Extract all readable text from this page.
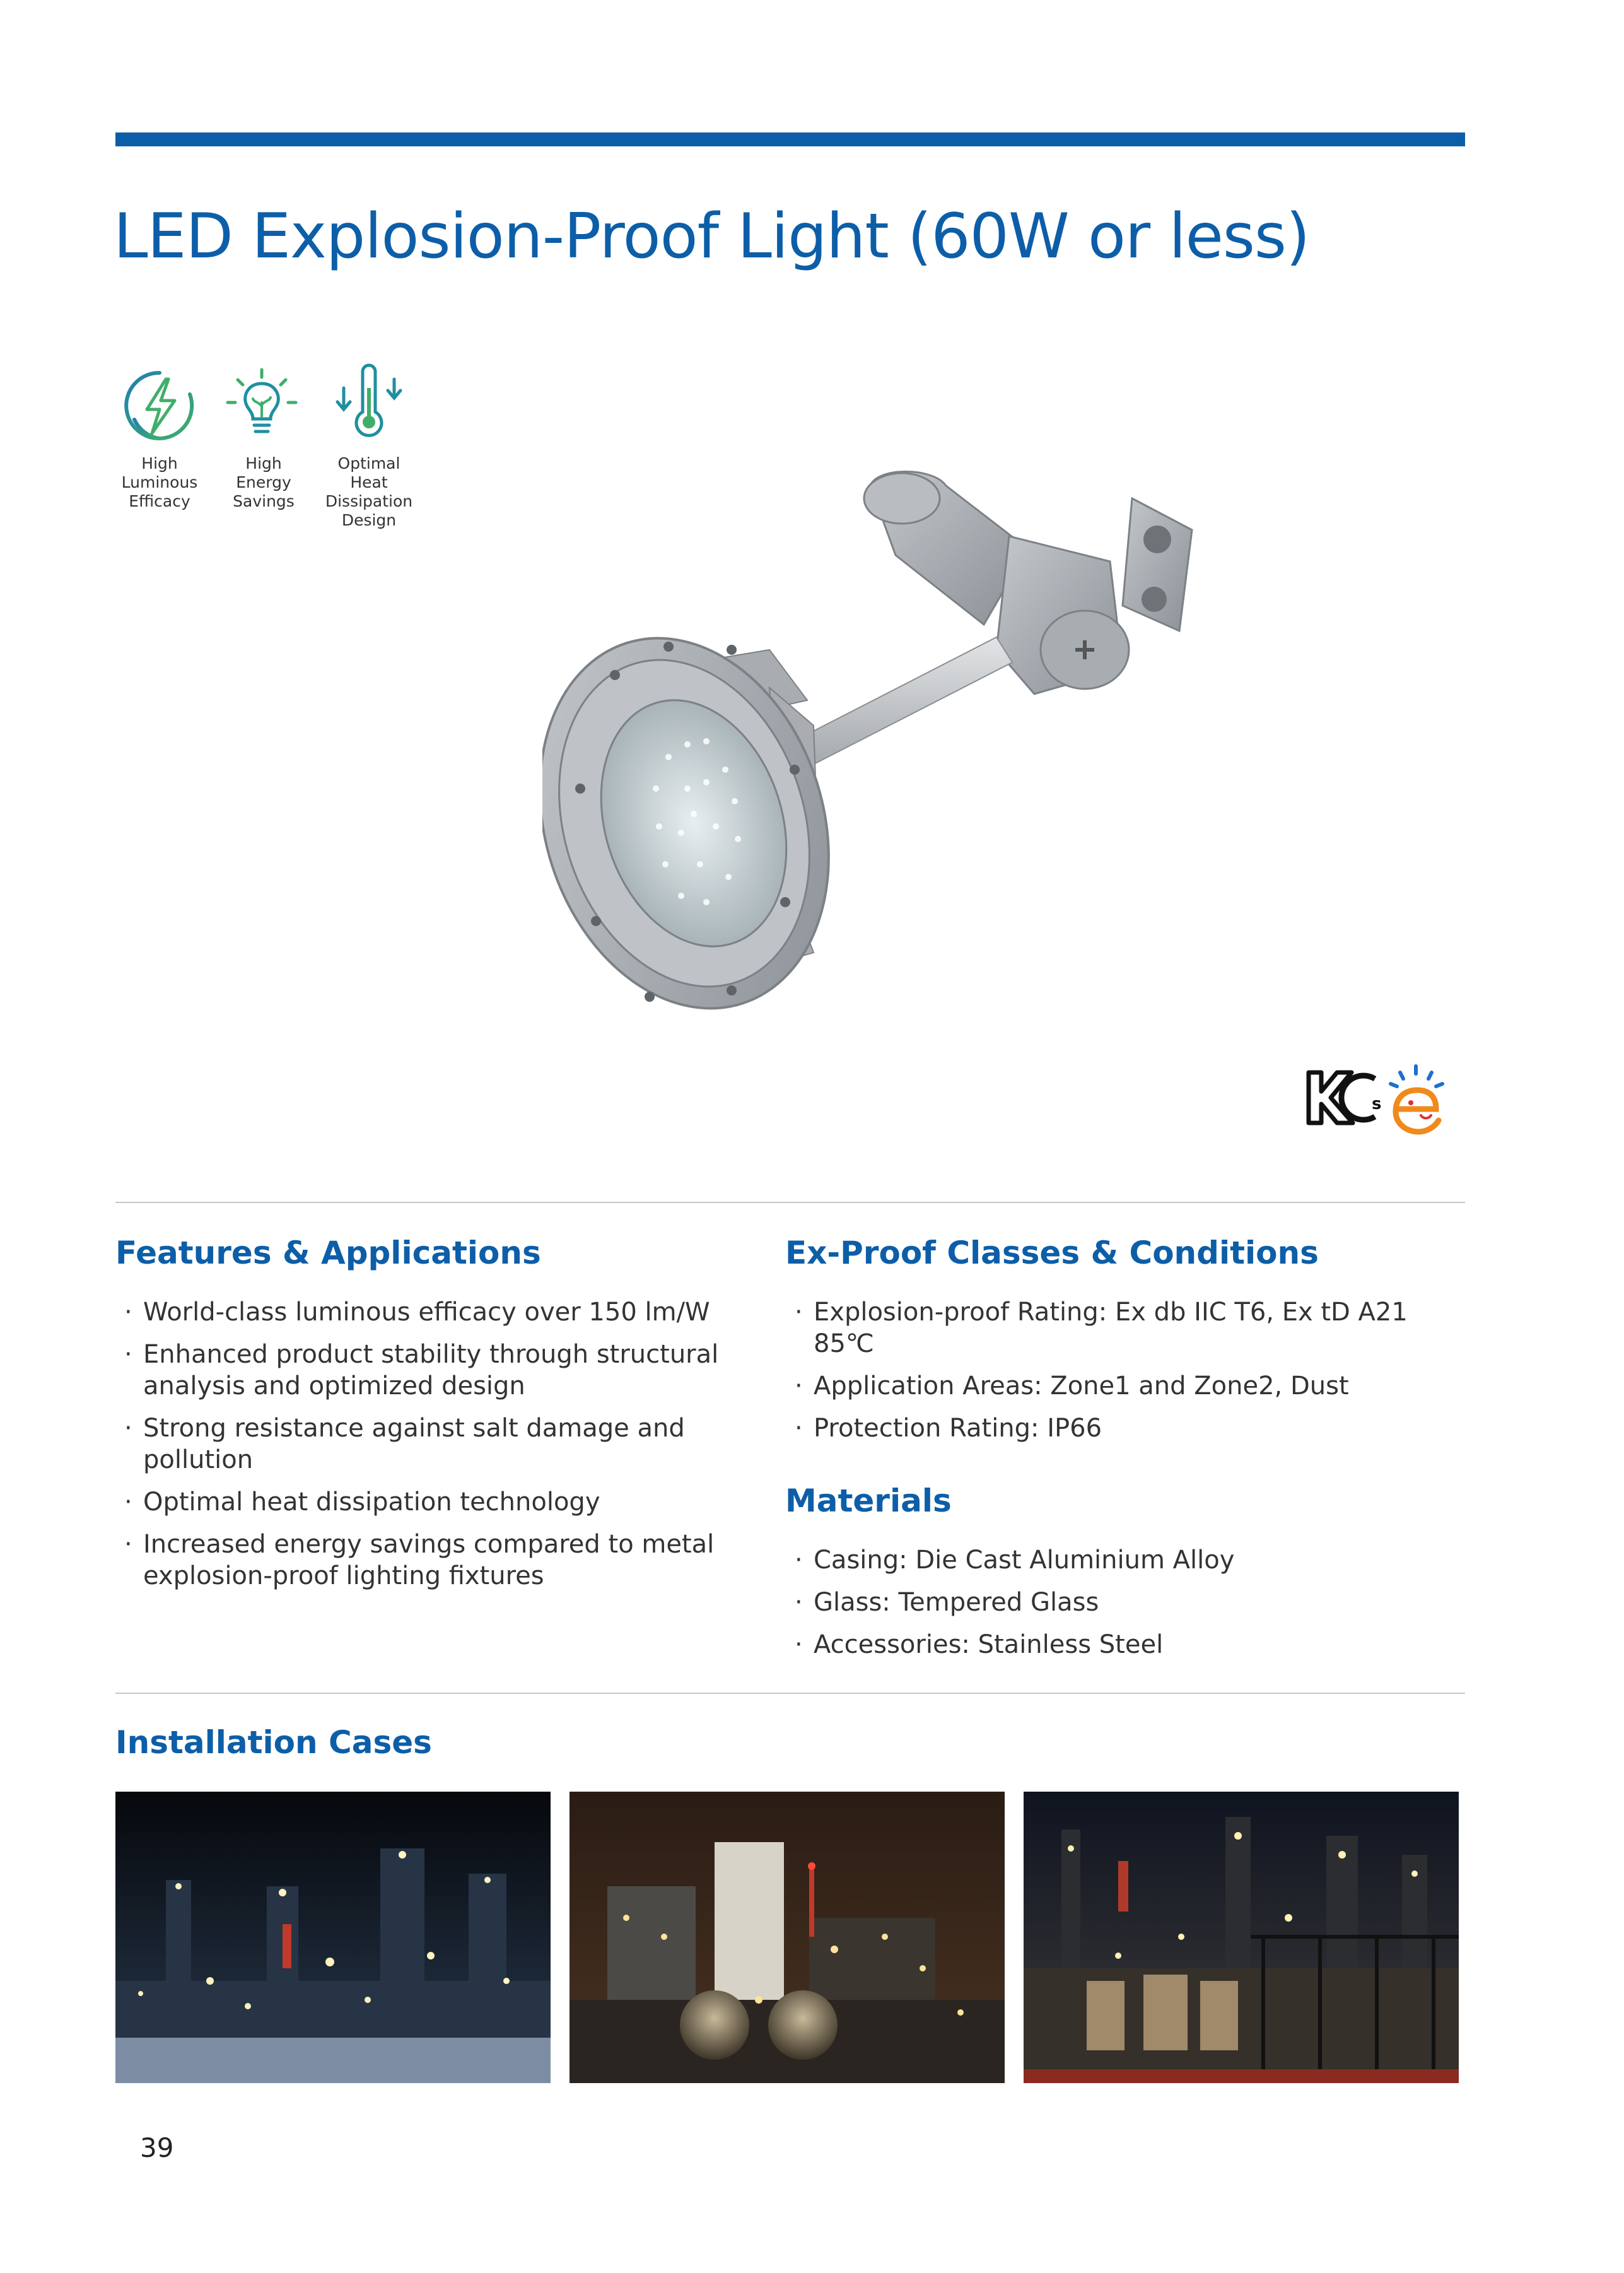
LED Explosion-Proof Light (60W or less)
High
Luminous
Efficacy
High
Energy
Savings
Optimal
Heat
Dissipation
Design
s
Features & Applications
· World-class luminous efficacy over 150 lm/W
· Enhanced product stability through structural analysis and optimized design
· Strong resistance against salt damage and pollution
· Optimal heat dissipation technology
· Increased energy savings compared to metal explosion-proof lighting fixtures
Ex-Proof Classes & Conditions
· Explosion-proof Rating: Ex db IIC T6, Ex tD A21 85℃
· Application Areas: Zone1 and Zone2, Dust
· Protection Rating: IP66
Materials
· Casing: Die Cast Aluminium Alloy
· Glass: Tempered Glass
· Accessories: Stainless Steel
Installation Cases
39
